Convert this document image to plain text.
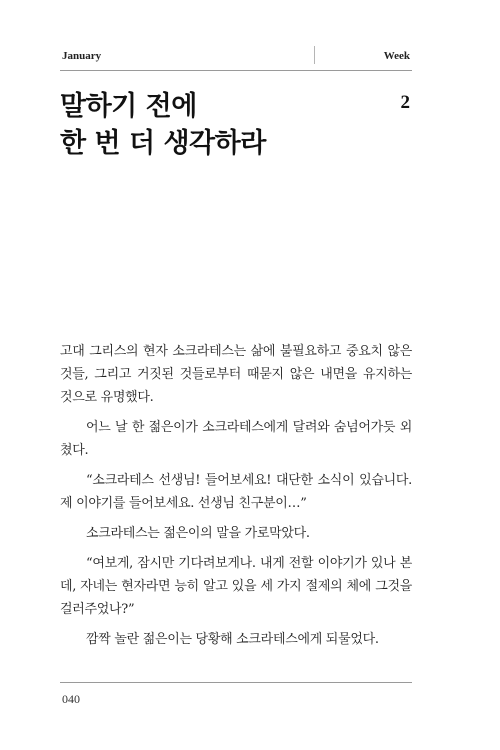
January	Week
말하기 전에
한 번 더 생각하라
2

고대 그리스의 현자 소크라테스는 삶에 불필요하고 중요치 않은 것들, 그리고 거짓된 것들로부터 때묻지 않은 내면을 유지하는 것으로 유명했다.

어느 날 한 젊은이가 소크라테스에게 달려와 숨넘어가듯 외쳤다.

“소크라테스 선생님! 들어보세요! 대단한 소식이 있습니다. 제 이야기를 들어보세요. 선생님 친구분이…”

소크라테스는 젊은이의 말을 가로막았다.

“여보게, 잠시만 기다려보게나. 내게 전할 이야기가 있나 본데, 자네는 현자라면 능히 알고 있을 세 가지 절제의 체에 그것을 걸러주었나?”

깜짝 놀란 젊은이는 당황해 소크라테스에게 되물었다.

040
